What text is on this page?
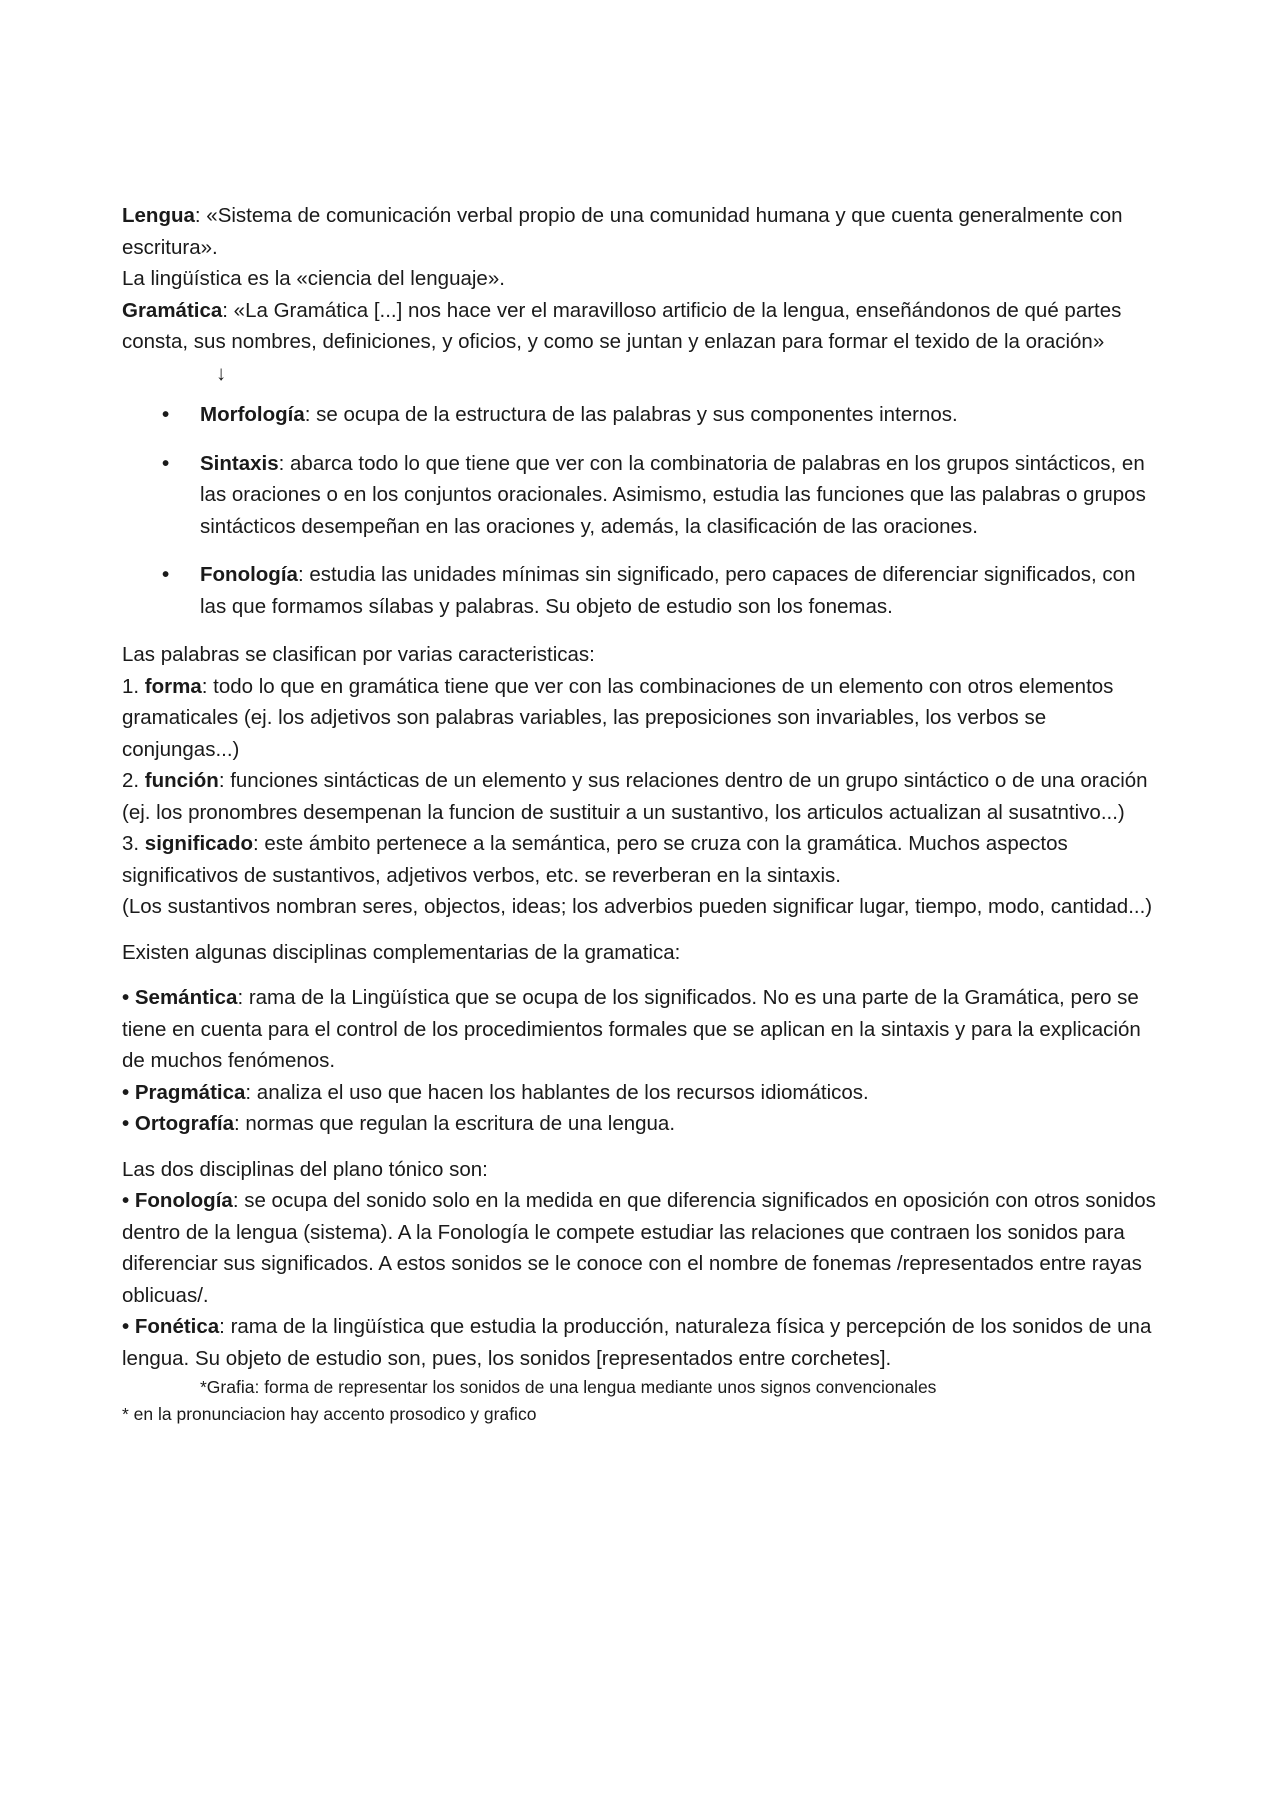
Lengua: «Sistema de comunicación verbal propio de una comunidad humana y que cuenta generalmente con escritura».

La lingüística es la «ciencia del lenguaje».

Gramática: «La Gramática [...] nos hace ver el maravilloso artificio de la lengua, enseñándonos de qué partes consta, sus nombres, definiciones, y oficios, y como se juntan y enlazan para formar el texido de la oración»

↓

• Morfología: se ocupa de la estructura de las palabras y sus componentes internos.
• Sintaxis: abarca todo lo que tiene que ver con la combinatoria de palabras en los grupos sintácticos, en las oraciones o en los conjuntos oracionales. Asimismo, estudia las funciones que las palabras o grupos sintácticos desempeñan en las oraciones y, además, la clasificación de las oraciones.
• Fonología: estudia las unidades mínimas sin significado, pero capaces de diferenciar significados, con las que formamos sílabas y palabras. Su objeto de estudio son los fonemas.

Las palabras se clasifican por varias caracteristicas:

1. forma: todo lo que en gramática tiene que ver con las combinaciones de un elemento con otros elementos gramaticales (ej. los adjetivos son palabras variables, las preposiciones son invariables, los verbos se conjungas...)

2. función: funciones sintácticas de un elemento y sus relaciones dentro de un grupo sintáctico o de una oración (ej. los pronombres desempenan la funcion de sustituir a un sustantivo, los articulos actualizan al susatntivo...)

3. significado: este ámbito pertenece a la semántica, pero se cruza con la gramática. Muchos aspectos significativos de sustantivos, adjetivos verbos, etc. se reverberan en la sintaxis.

(Los sustantivos nombran seres, objectos, ideas; los adverbios pueden significar lugar, tiempo, modo, cantidad...)

Existen algunas disciplinas complementarias de la gramatica:

• Semántica: rama de la Lingüística que se ocupa de los significados. No es una parte de la Gramática, pero se tiene en cuenta para el control de los procedimientos formales que se aplican en la sintaxis y para la explicación de muchos fenómenos.

• Pragmática: analiza el uso que hacen los hablantes de los recursos idiomáticos.

• Ortografía: normas que regulan la escritura de una lengua.

Las dos disciplinas del plano tónico son:

• Fonología: se ocupa del sonido solo en la medida en que diferencia significados en oposición con otros sonidos dentro de la lengua (sistema). A la Fonología le compete estudiar las relaciones que contraen los sonidos para diferenciar sus significados. A estos sonidos se le conoce con el nombre de fonemas /representados entre rayas oblicuas/.

• Fonética: rama de la lingüística que estudia la producción, naturaleza física y percepción de los sonidos de una lengua. Su objeto de estudio son, pues, los sonidos [representados entre corchetes].

*Grafia: forma de representar los sonidos de una lengua mediante unos signos convencionales

* en la pronunciacion hay accento prosodico y grafico
